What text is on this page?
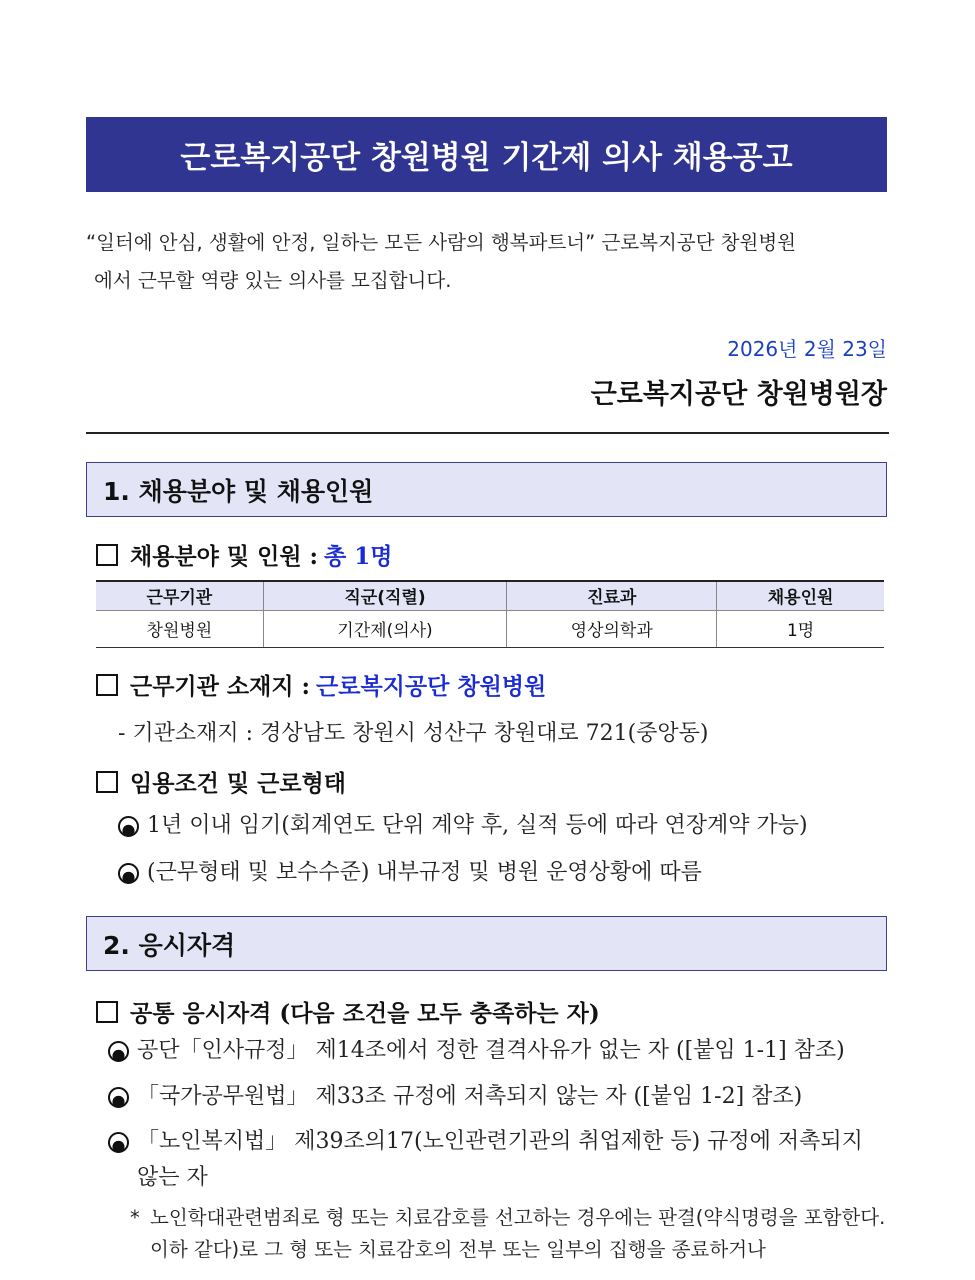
근로복지공단 창원병원 기간제 의사 채용공고
“일터에 안심, 생활에 안정, 일하는 모든 사람의 행복파트너” 근로복지공단 창원병원
에서 근무할 역량 있는 의사를 모집합니다.
2026년 2월 23일
근로복지공단 창원병원장
1. 채용분야 및 채용인원
채용분야 및 인원 : 총 1명
근무기관	직군(직렬)	진료과	채용인원
창원병원	기간제(의사)	영상의학과	1명
근무기관 소재지 : 근로복지공단 창원병원
- 기관소재지 : 경상남도 창원시 성산구 창원대로 721(중앙동)
임용조건 및 근로형태
1년 이내 임기(회계연도 단위 계약 후, 실적 등에 따라 연장계약 가능)
(근무형태 및 보수수준) 내부규정 및 병원 운영상황에 따름
2. 응시자격
공통 응시자격 (다음 조건을 모두 충족하는 자)
공단「인사규정」 제14조에서 정한 결격사유가 없는 자 ([붙임 1-1] 참조)
「국가공무원법」 제33조 규정에 저촉되지 않는 자 ([붙임 1-2] 참조)
「노인복지법」 제39조의17(노인관련기관의 취업제한 등) 규정에 저촉되지 않는 자
* 노인학대관련범죄로 형 또는 치료감호를 선고하는 경우에는 판결(약식명령을 포함한다. 이하 같다)로 그 형 또는 치료감호의 전부 또는 일부의 집행을 종료하거나
